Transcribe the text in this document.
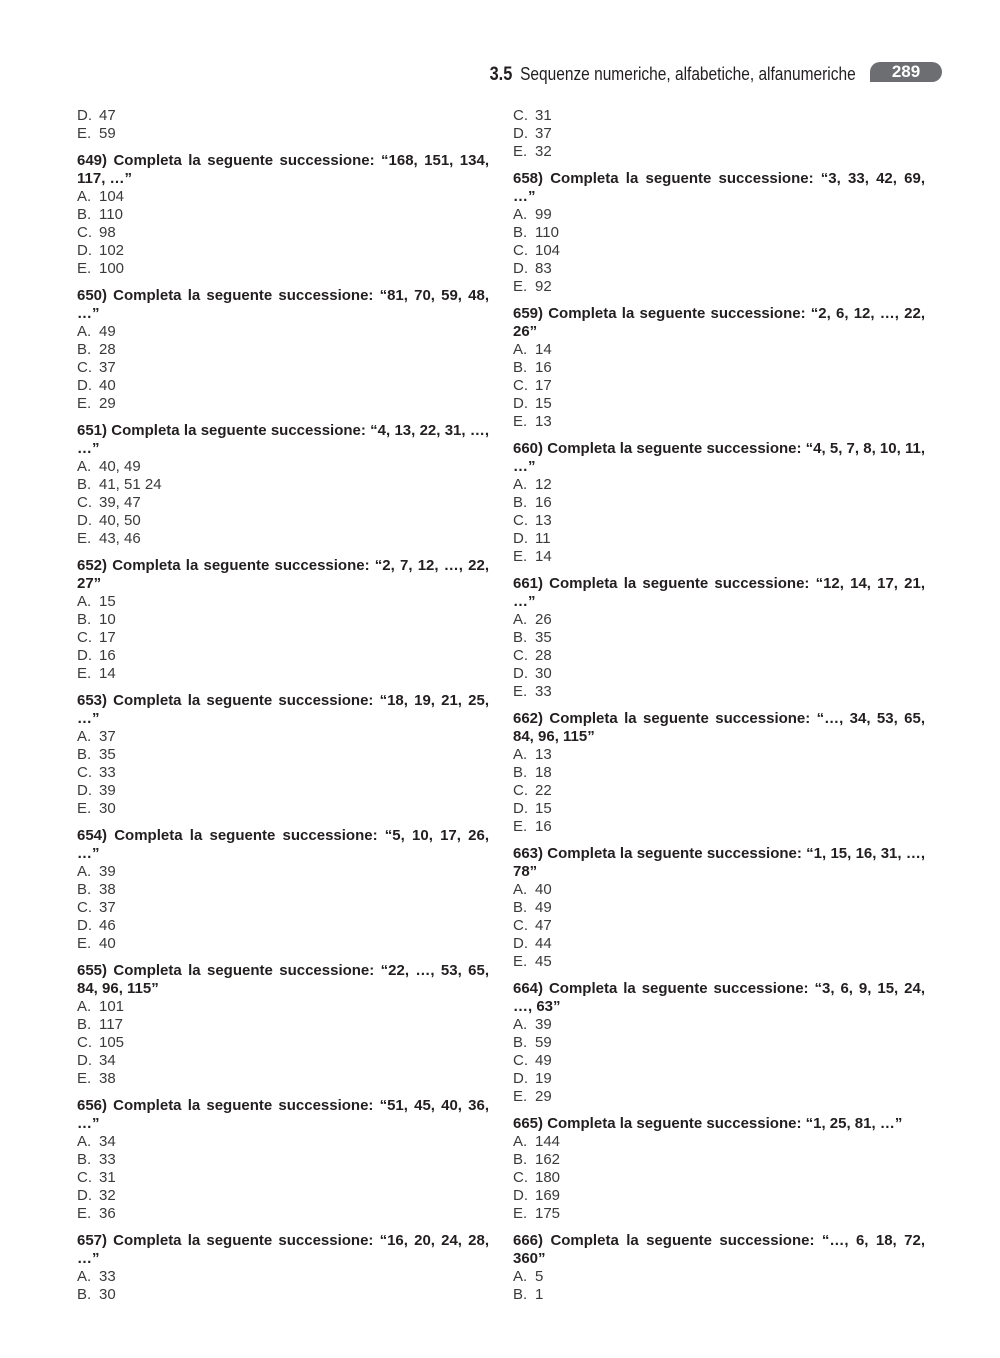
3.5 Sequenze numeriche, alfabetiche, alfanumeriche	289
D. 47
E. 59
649) Completa la seguente successione: “168, 151, 134, 117, …”
A. 104
B. 110
C. 98
D. 102
E. 100
650) Completa la seguente successione: “81, 70, 59, 48, …”
A. 49
B. 28
C. 37
D. 40
E. 29
651) Completa la seguente successione: “4, 13, 22, 31, …, …”
A. 40, 49
B. 41, 51 24
C. 39, 47
D. 40, 50
E. 43, 46
652) Completa la seguente successione: “2, 7, 12, …, 22, 27”
A. 15
B. 10
C. 17
D. 16
E. 14
653) Completa la seguente successione: “18, 19, 21, 25, …”
A. 37
B. 35
C. 33
D. 39
E. 30
654) Completa la seguente successione: “5, 10, 17, 26, …”
A. 39
B. 38
C. 37
D. 46
E. 40
655) Completa la seguente successione: “22, …, 53, 65, 84, 96, 115”
A. 101
B. 117
C. 105
D. 34
E. 38
656) Completa la seguente successione: “51, 45, 40, 36, …”
A. 34
B. 33
C. 31
D. 32
E. 36
657) Completa la seguente successione: “16, 20, 24, 28, …”
A. 33
B. 30
C. 31
D. 37
E. 32
658) Completa la seguente successione: “3, 33, 42, 69, …”
A. 99
B. 110
C. 104
D. 83
E. 92
659) Completa la seguente successione: “2, 6, 12, …, 22, 26”
A. 14
B. 16
C. 17
D. 15
E. 13
660) Completa la seguente successione: “4, 5, 7, 8, 10, 11, …”
A. 12
B. 16
C. 13
D. 11
E. 14
661) Completa la seguente successione: “12, 14, 17, 21, …”
A. 26
B. 35
C. 28
D. 30
E. 33
662) Completa la seguente successione: “…, 34, 53, 65, 84, 96, 115”
A. 13
B. 18
C. 22
D. 15
E. 16
663) Completa la seguente successione: “1, 15, 16, 31, …, 78”
A. 40
B. 49
C. 47
D. 44
E. 45
664) Completa la seguente successione: “3, 6, 9, 15, 24, …, 63”
A. 39
B. 59
C. 49
D. 19
E. 29
665) Completa la seguente successione: “1, 25, 81, …”
A. 144
B. 162
C. 180
D. 169
E. 175
666) Completa la seguente successione: “…, 6, 18, 72, 360”
A. 5
B. 1
